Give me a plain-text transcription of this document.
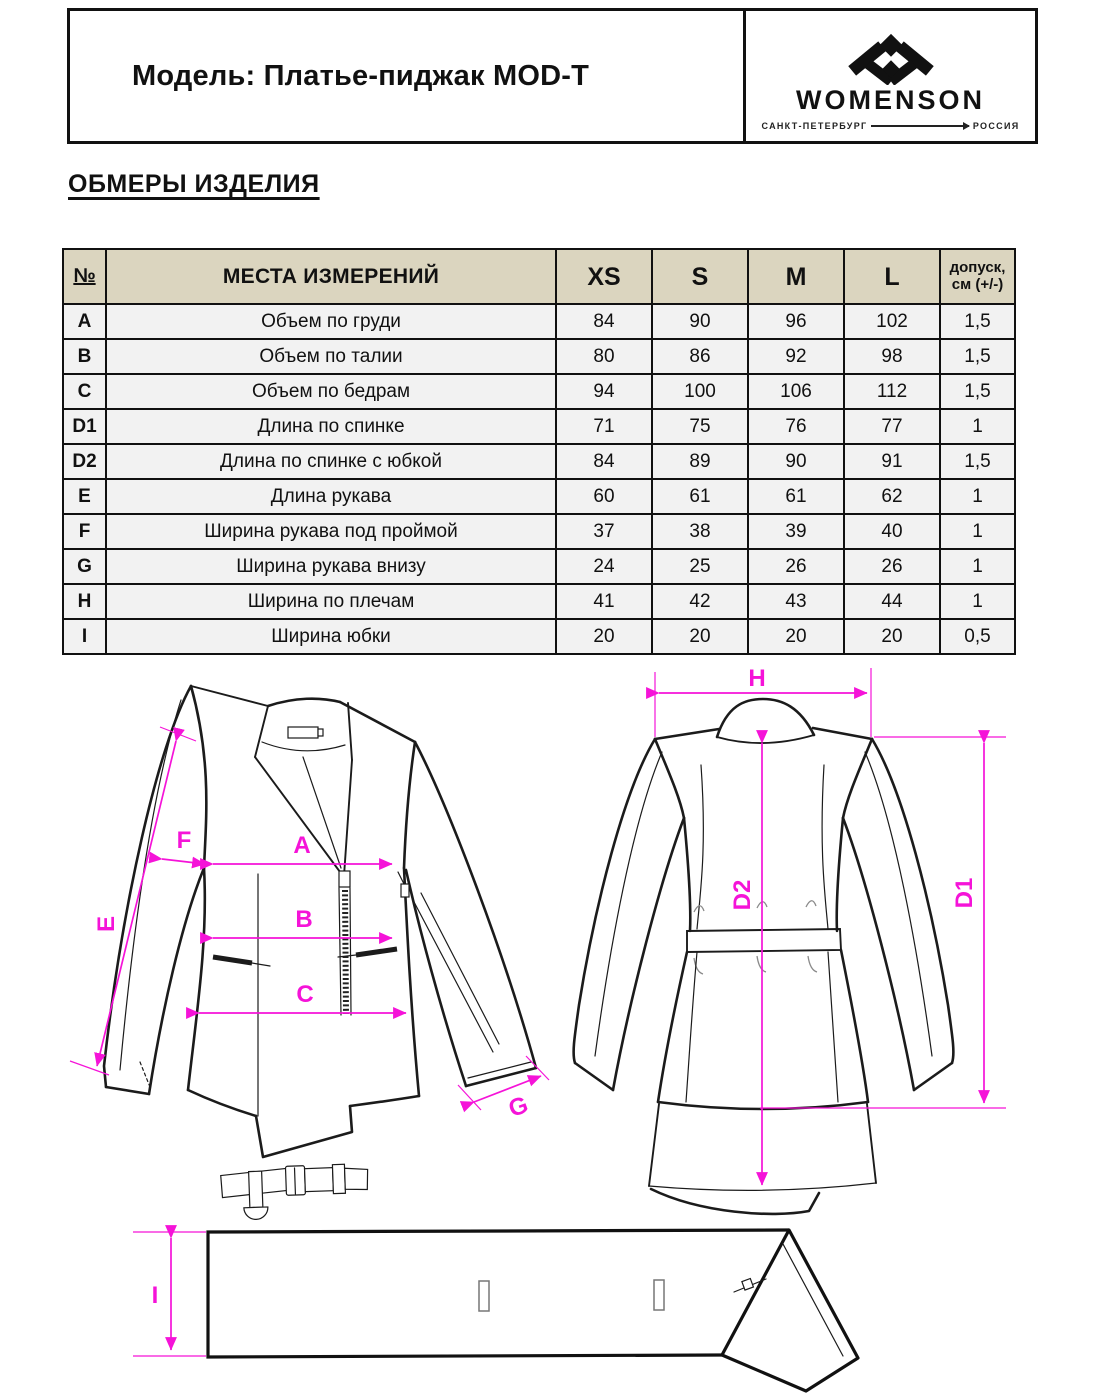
Модель: Платье-пиджак MOD-T
WOMENSON
САНКТ-ПЕТЕРБУРГ	РОССИЯ
ОБМЕРЫ ИЗДЕЛИЯ
№	МЕСТА ИЗМЕРЕНИЙ	XS	S	M	L	допуск, см (+/-)
A	Объем по груди	84	90	96	102	1,5
B	Объем по талии	80	86	92	98	1,5
C	Объем по бедрам	94	100	106	112	1,5
D1	Длина по спинке	71	75	76	77	1
D2	Длина по спинке с юбкой	84	89	90	91	1,5
E	Длина рукава	60	61	61	62	1
F	Ширина рукава под проймой	37	38	39	40	1
G	Ширина рукава внизу	24	25	26	26	1
H	Ширина по плечам	41	42	43	44	1
I	Ширина юбки	20	20	20	20	0,5
E
F	A
B
C
G
H
D2	D1
I
